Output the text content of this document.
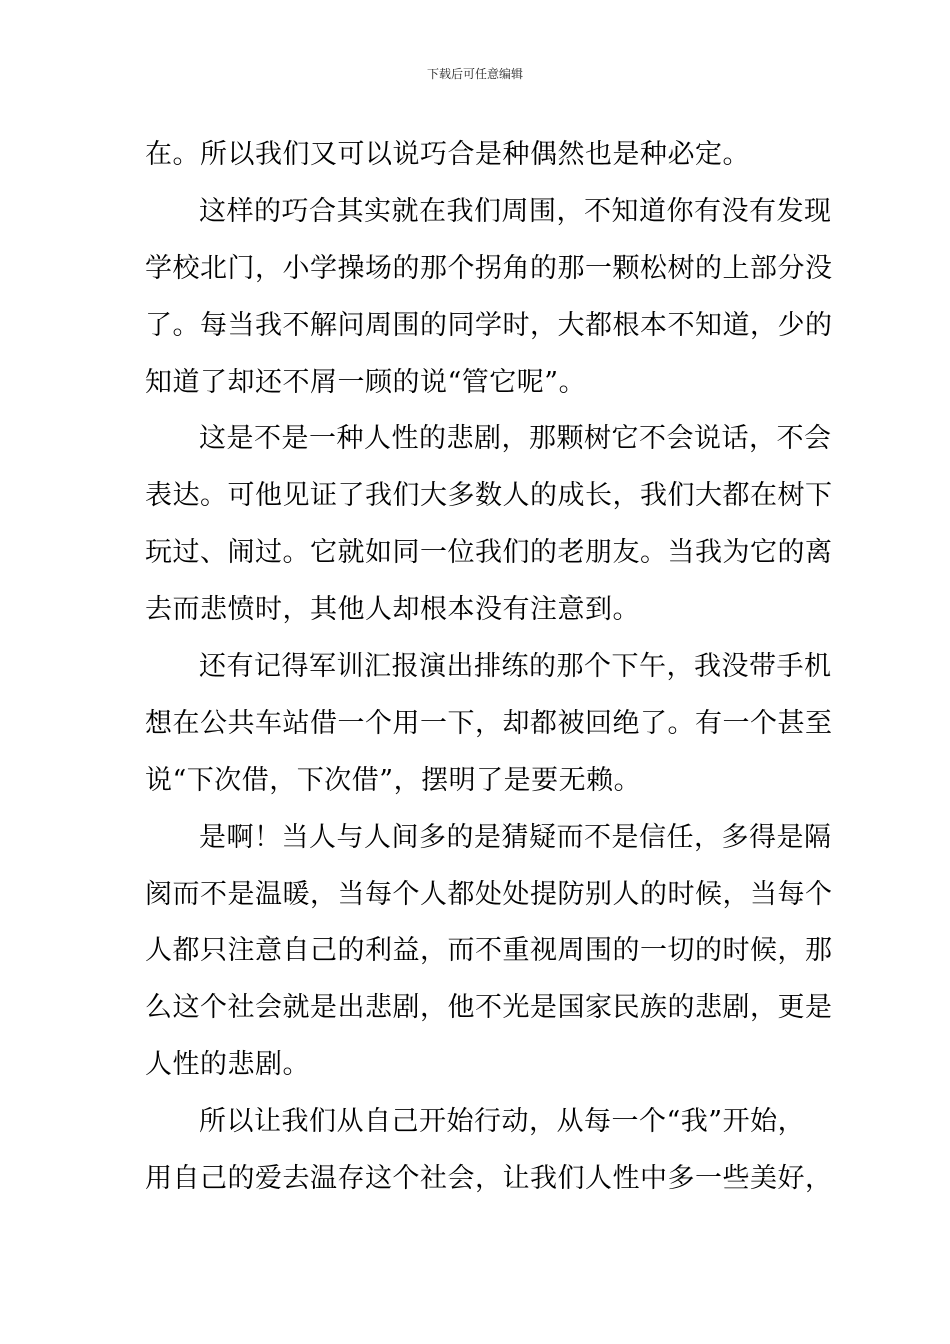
下载后可任意编辑
在。所以我们又可以说巧合是种偶然也是种必定。
这样的巧合其实就在我们周围，不知道你有没有发现
学校北门，小学操场的那个拐角的那一颗松树的上部分没
了。每当我不解问周围的同学时，大都根本不知道，少的
知道了却还不屑一顾的说“管它呢”。
这是不是一种人性的悲剧，那颗树它不会说话，不会
表达。可他见证了我们大多数人的成长，我们大都在树下
玩过、闹过。它就如同一位我们的老朋友。当我为它的离
去而悲愤时，其他人却根本没有注意到。
还有记得军训汇报演出排练的那个下午，我没带手机
想在公共车站借一个用一下，却都被回绝了。有一个甚至
说“下次借，下次借”，摆明了是要无赖。
是啊！当人与人间多的是猜疑而不是信任，多得是隔
阂而不是温暖，当每个人都处处提防别人的时候，当每个
人都只注意自己的利益，而不重视周围的一切的时候，那
么这个社会就是出悲剧，他不光是国家民族的悲剧，更是
人性的悲剧。
所以让我们从自己开始行动，从每一个“我”开始，
用自己的爱去温存这个社会，让我们人性中多一些美好，
